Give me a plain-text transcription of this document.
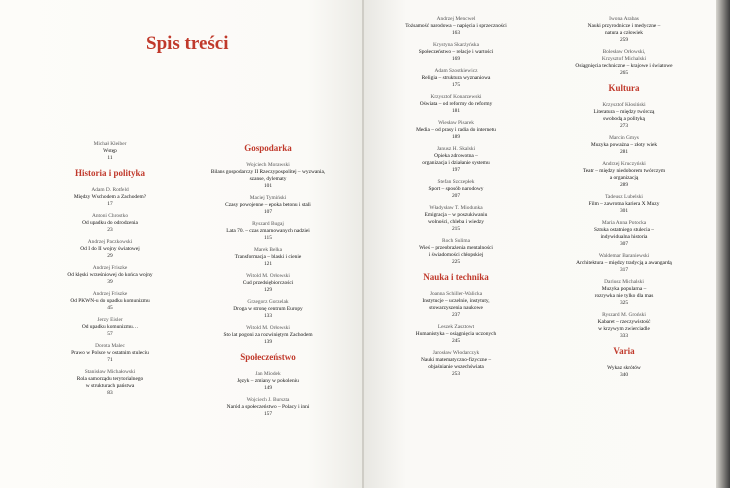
Spis treści
Michał Kleiber
Wstęp
11
Historia i polityka
Adam D. Rotfeld
Między Wschodem a Zachodem?
17
Antoni Chrostko
Od upadku do odrodzenia
23
Andrzej Paczkowski
Od I do II wojny światowej
29
Andrzej Friszke
Od klęski wrześniowej do końca wojny
39
Andrzej Friszke
Od PKWN-u do upadku komunizmu
45
Jerzy Eisler
Od upadku komunizmu…
57
Dorota Malec
Prawo w Polsce w ostatnim stuleciu
71
Stanisław Michałowski
Rola samorządu terytorialnego
w strukturach państwa
83
Gospodarka
Wojciech Morawski
Bilans gospodarczy II Rzeczypospolitej – wyzwania,
szanse, dylematy
101
Maciej Tymiński
Czasy powojenne – epoka betonu i stali
107
Ryszard Bugaj
Lata 70. – czas zmarnowanych nadziei
115
Marek Belka
Transformacja – blaski i cienie
121
Witold M. Orłowski
Cud przedsiębiorczości
129
Grzegorz Gorzelak
Droga w stronę centrum Europy
133
Witold M. Orłowski
Sto lat pogoni za rozwiniętym Zachodem
139
Społeczeństwo
Jan Miodek
Język – zmiany w pokoleniu
149
Wojciech J. Burszta
Naród a społeczeństwo – Polacy i inni
157
Andrzej Mencwel
Tożsamość narodowa – napięcia i sprzeczności
163
Krystyna Skarżyńska
Społeczeństwo – relacje i wartości
169
Adam Szostkiewicz
Religia – struktura wyznaniowa
175
Krzysztof Konarzewski
Oświata – od reformy do reformy
181
Wiesław Pisarek
Media – od prasy i radia do internetu
189
Janusz H. Skalski
Opieka zdrowotna –
organizacja i działanie systemu
197
Stefan Szczepłek
Sport – sposób narodowy
207
Władysław T. Miodunka
Emigracja – w poszukiwaniu
wolności, chleba i wiedzy
215
Roch Sulima
Wieś – przeobrażenia mentalności
i świadomości chłopskiej
225
Nauka i technika
Joanna Schiller-Walicka
Instytucje – uczelnie, instytuty,
stowarzyszenia naukowe
237
Leszek Zasztowt
Humanistyka – osiągnięcia uczonych
245
Jarosław Włodarczyk
Nauki matematyczno-fizyczne –
objaśnianie wszechświata
253
Iwona Arabas
Nauki przyrodnicze i medyczne –
natura a człowiek
259
Bolesław Orłowski,
Krzysztof Michalski
Osiągnięcia techniczne – krajowe i światowe
265
Kultura
Krzysztof Kłosiński
Literatura – między twórczą
swobodą a polityką
273
Marcin Gmys
Muzyka poważna – złoty wiek
281
Andrzej Kruczyński
Teatr – między niedoborem twórczym
a organizacją
289
Tadeusz Lubelski
Film – zawrotna kariera X Muzy
301
Maria Anna Potocka
Sztuka ostatniego stulecia –
indywidualna historia
307
Waldemar Baraniewski
Architektura – między tradycją a awangardą
317
Dariusz Michalski
Muzyka popularna –
rozrywka nie tylko dla mas
325
Ryszard M. Groński
Kabaret – rzeczywistość
w krzywym zwierciadle
333
Varia
Wykaz skrótów
340
